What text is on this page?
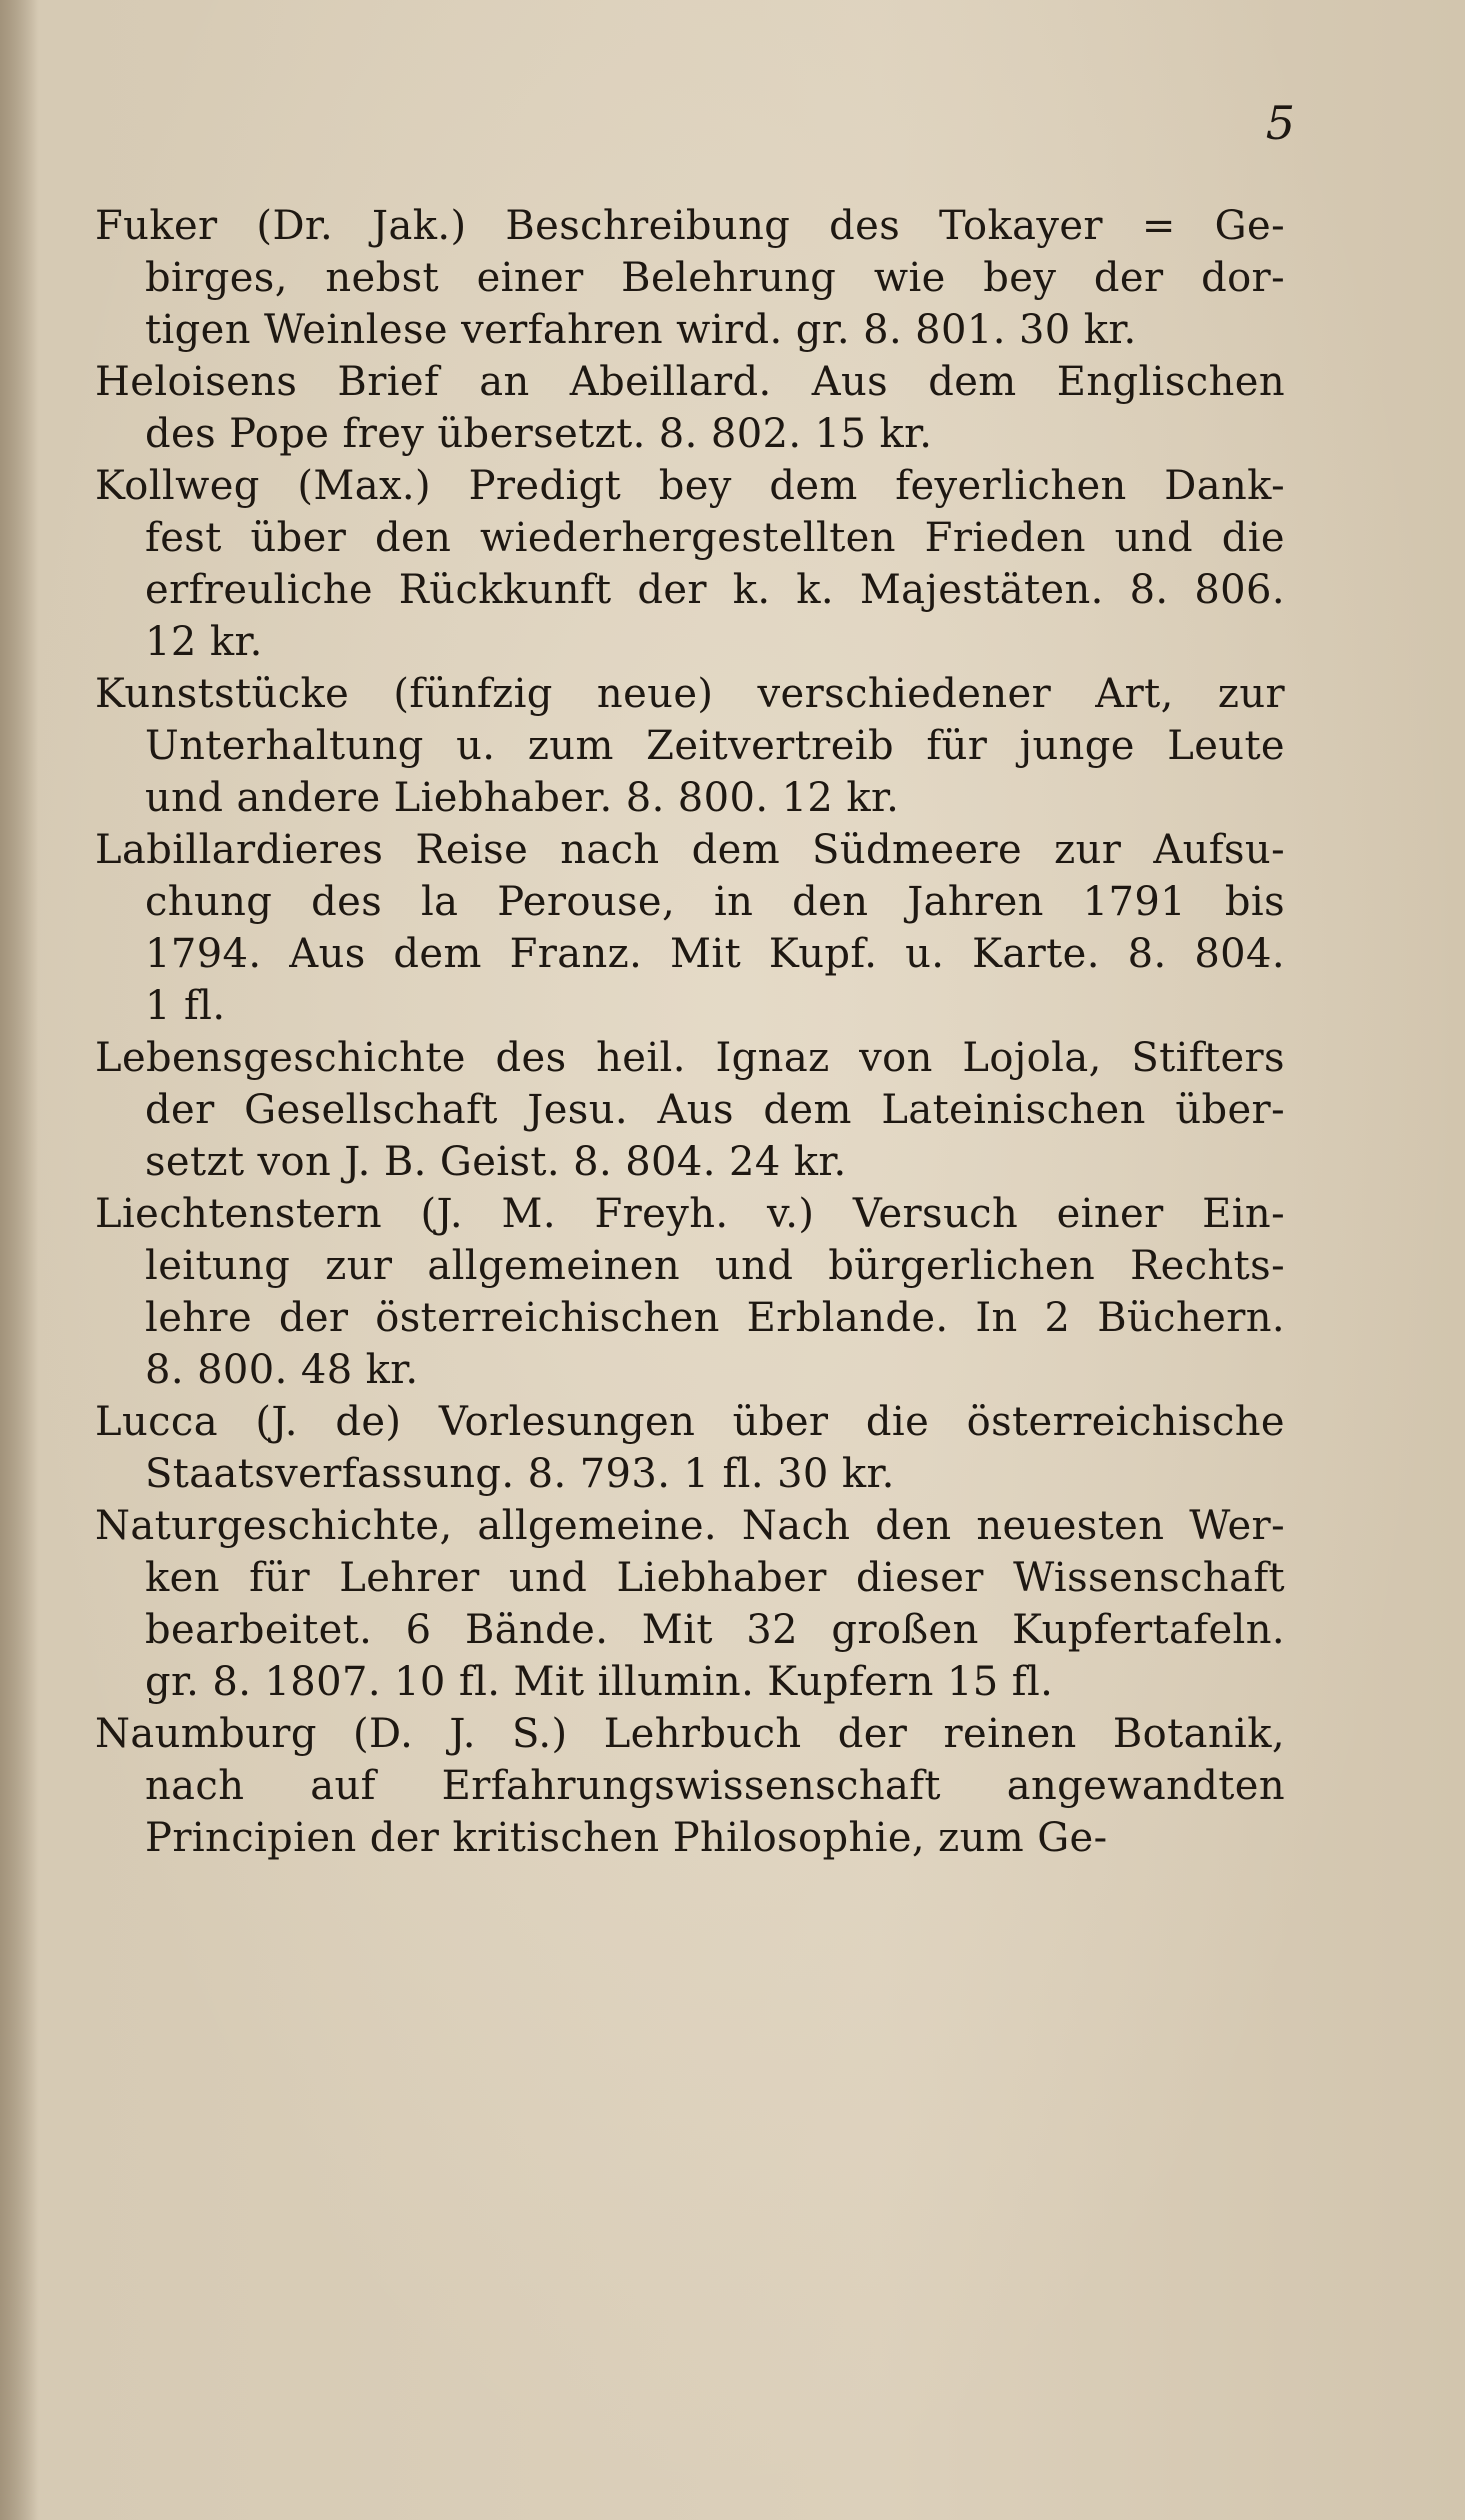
5
Fuker (Dr. Jak.) Beschreibung des Tokayer = Ge-
birges, nebst einer Belehrung wie bey der dor-
tigen Weinlese verfahren wird. gr. 8. 801. 30 kr.
Heloisens Brief an Abeillard. Aus dem Englischen
des Pope frey übersetzt. 8. 802. 15 kr.
Kollweg (Max.) Predigt bey dem feyerlichen Dank-
fest über den wiederhergestellten Frieden und die
erfreuliche Rückkunft der k. k. Majestäten. 8. 806.
12 kr.
Kunststücke (fünfzig neue) verschiedener Art, zur
Unterhaltung u. zum Zeitvertreib für junge Leute
und andere Liebhaber. 8. 800. 12 kr.
Labillardieres Reise nach dem Südmeere zur Aufsu-
chung des la Perouse, in den Jahren 1791 bis
1794. Aus dem Franz. Mit Kupf. u. Karte. 8. 804.
1 fl.
Lebensgeschichte des heil. Ignaz von Lojola, Stifters
der Gesellschaft Jesu. Aus dem Lateinischen über-
setzt von J. B. Geist. 8. 804. 24 kr.
Liechtenstern (J. M. Freyh. v.) Versuch einer Ein-
leitung zur allgemeinen und bürgerlichen Rechts-
lehre der österreichischen Erblande. In 2 Büchern.
8. 800. 48 kr.
Lucca (J. de) Vorlesungen über die österreichische
Staatsverfassung. 8. 793. 1 fl. 30 kr.
Naturgeschichte, allgemeine. Nach den neuesten Wer-
ken für Lehrer und Liebhaber dieser Wissenschaft
bearbeitet. 6 Bände. Mit 32 großen Kupfertafeln.
gr. 8. 1807. 10 fl. Mit illumin. Kupfern 15 fl.
Naumburg (D. J. S.) Lehrbuch der reinen Botanik,
nach auf Erfahrungswissenschaft angewandten
Principien der kritischen Philosophie, zum Ge-
